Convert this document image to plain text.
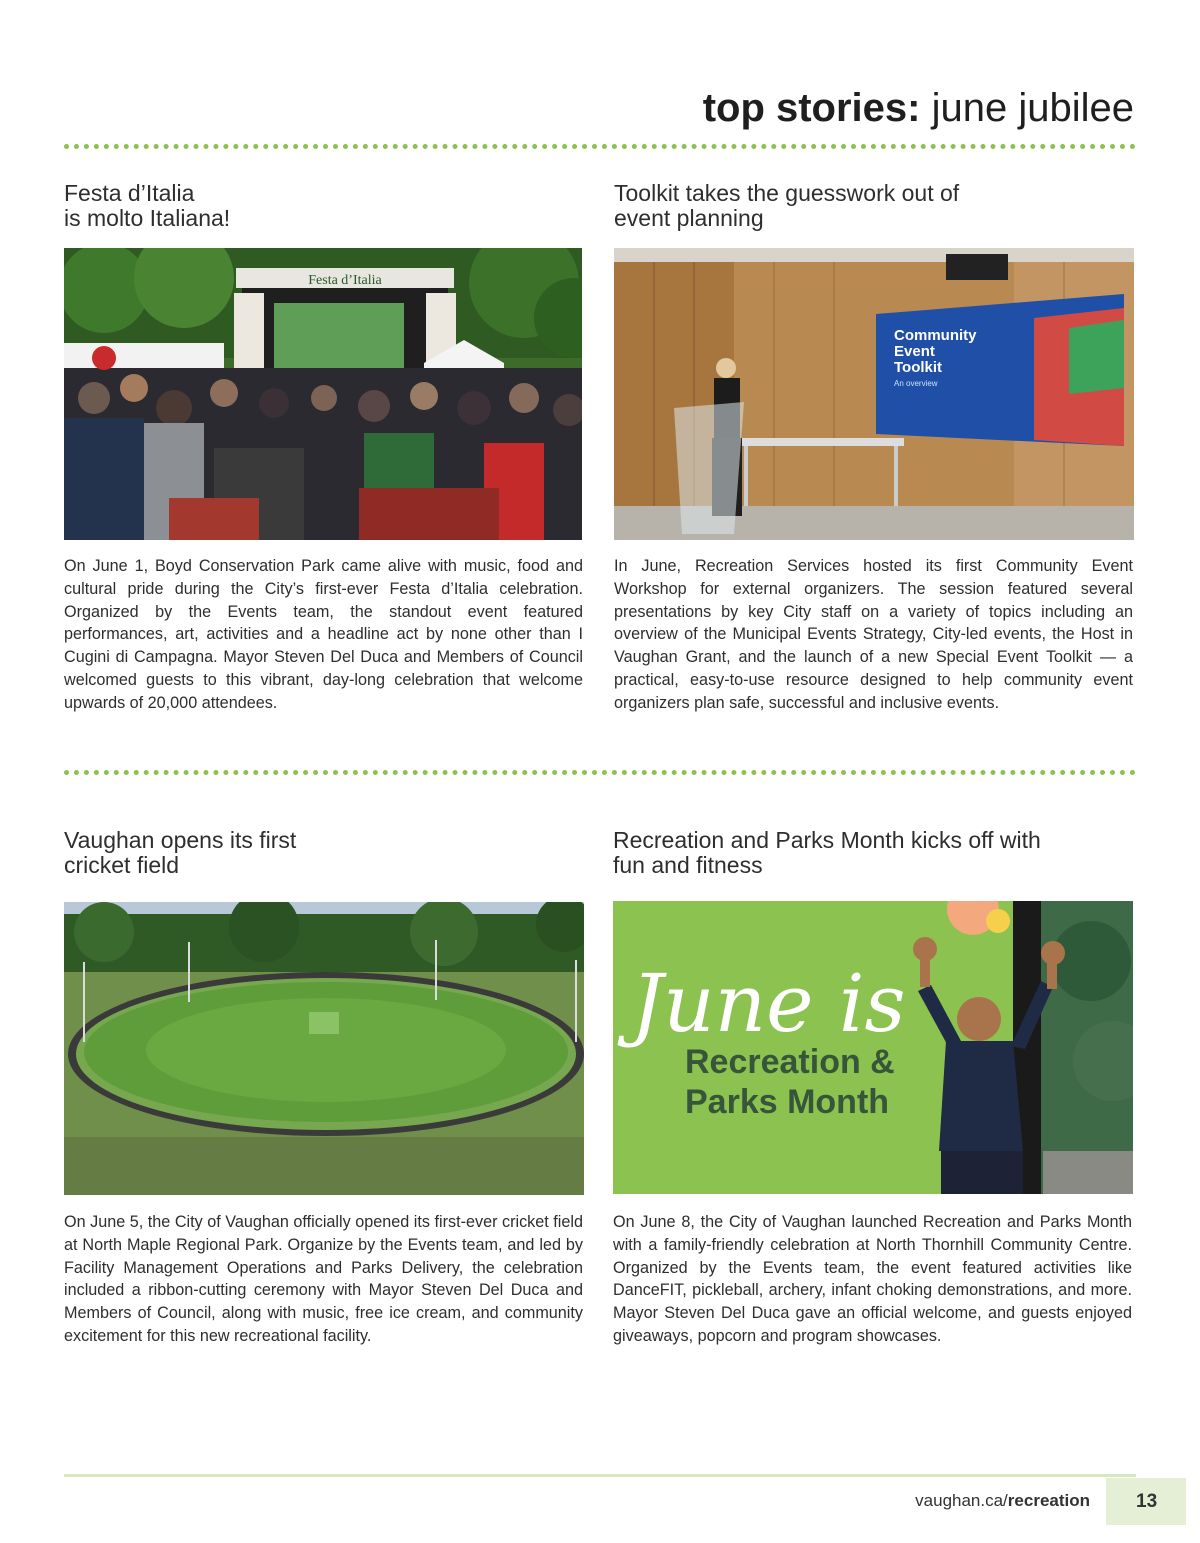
top stories: june jubilee
Festa d’Italia
is molto Italiana!
Festa d’Italia

On June 1, Boyd Conservation Park came alive with music, food and cultural pride during the City’s first-ever Festa d’Italia celebration. Organized by the Events team, the standout event featured performances, art, activities and a headline act by none other than I Cugini di Campagna. Mayor Steven Del Duca and Members of Council welcomed guests to this vibrant, day-long celebration that welcome upwards of 20,000 attendees.

Toolkit takes the guesswork out of
event planning
Community
Event
Toolkit
An overview

In June, Recreation Services hosted its first Community Event Workshop for external organizers. The session featured several presentations by key City staff on a variety of topics including an overview of the Municipal Events Strategy, City-led events, the Host in Vaughan Grant, and the launch of a new Special Event Toolkit — a practical, easy-to-use resource designed to help community event organizers plan safe, successful and inclusive events.

Vaughan opens its first
cricket field

On June 5, the City of Vaughan officially opened its first-ever cricket field at North Maple Regional Park. Organize by the Events team, and led by Facility Management Operations and Parks Delivery, the celebration included a ribbon-cutting ceremony with Mayor Steven Del Duca and Members of Council, along with music, free ice cream, and community excitement for this new recreational facility.

Recreation and Parks Month kicks off with
fun and fitness
June is
Recreation &
Parks Month

On June 8, the City of Vaughan launched Recreation and Parks Month with a family-friendly celebration at North Thornhill Community Centre. Organized by the Events team, the event featured activities like DanceFIT, pickleball, archery, infant choking demonstrations, and more. Mayor Steven Del Duca gave an official welcome, and guests enjoyed giveaways, popcorn and program showcases.

vaughan.ca/recreation	13
